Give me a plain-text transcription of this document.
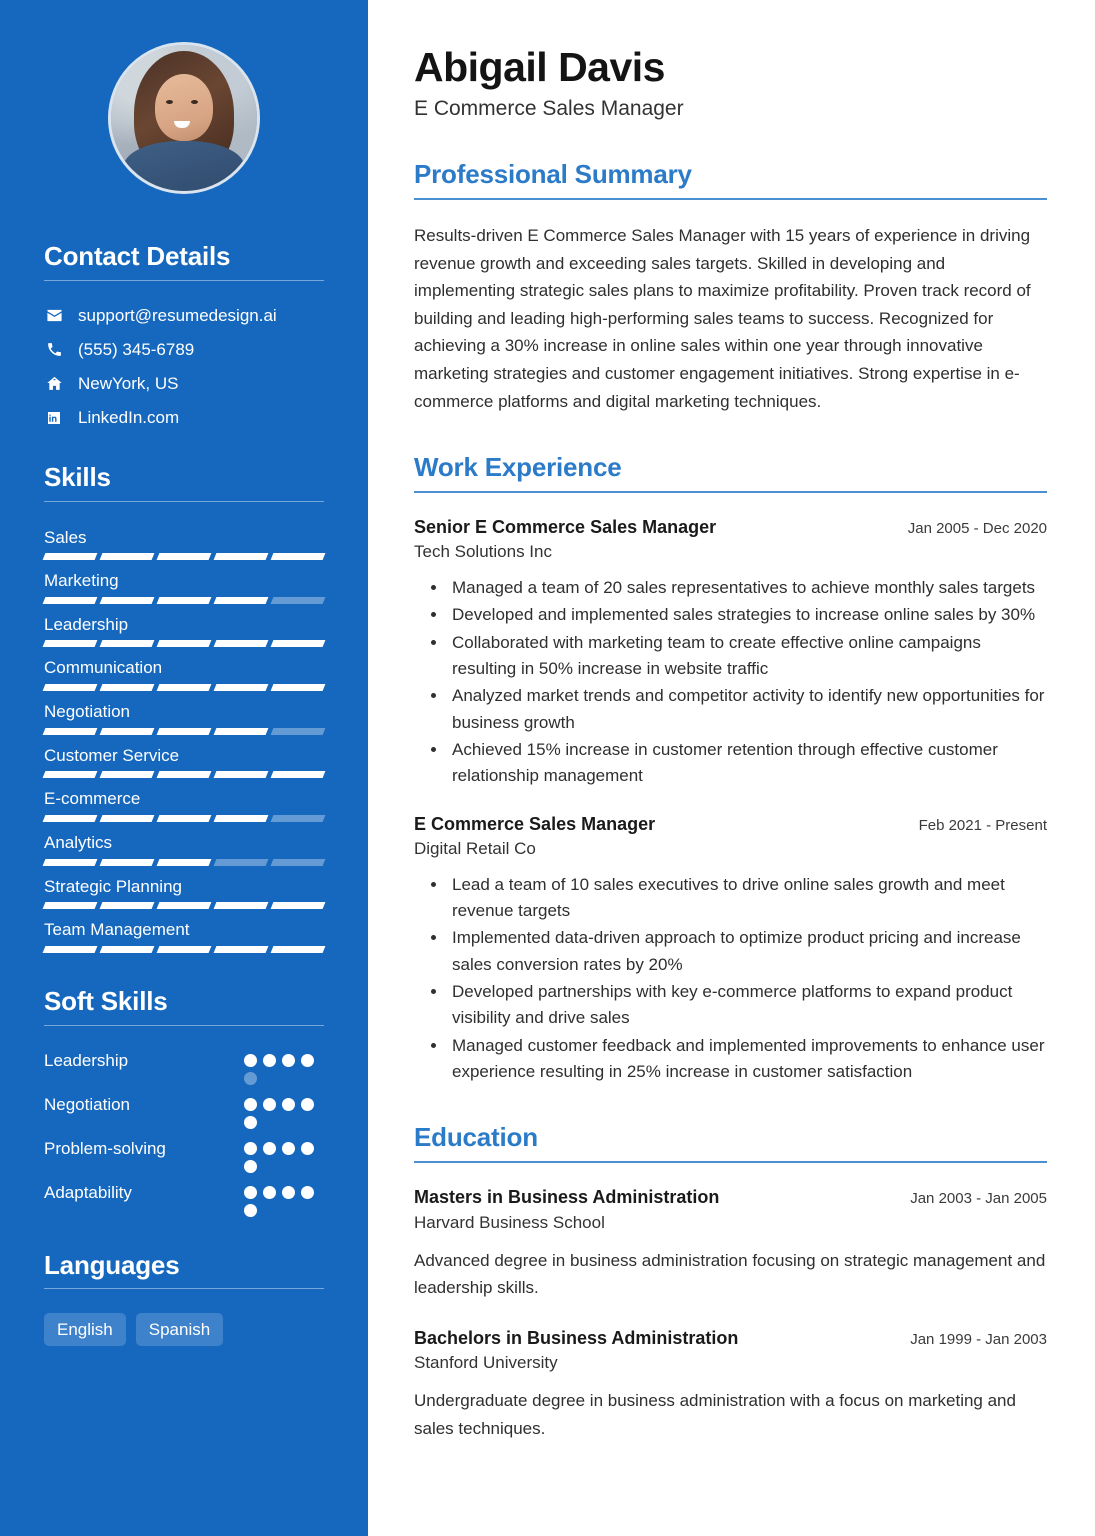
Contact Details
support@resumedesign.ai
(555) 345-6789
NewYork, US
LinkedIn.com
Skills
Sales
Marketing
Leadership
Communication
Negotiation
Customer Service
E-commerce
Analytics
Strategic Planning
Team Management
Soft Skills
Leadership
Negotiation
Problem-solving
Adaptability
Languages
English	Spanish
Abigail Davis
E Commerce Sales Manager
Professional Summary

Results-driven E Commerce Sales Manager with 15 years of experience in driving revenue growth and exceeding sales targets. Skilled in developing and implementing strategic sales plans to maximize profitability. Proven track record of building and leading high-performing sales teams to success. Recognized for achieving a 30% increase in online sales within one year through innovative marketing strategies and customer engagement initiatives. Strong expertise in e-commerce platforms and digital marketing techniques.

Work Experience
Senior E Commerce Sales Manager	Jan 2005 - Dec 2020
Tech Solutions Inc
• Managed a team of 20 sales representatives to achieve monthly sales targets
• Developed and implemented sales strategies to increase online sales by 30%
• Collaborated with marketing team to create effective online campaigns resulting in 50% increase in website traffic
• Analyzed market trends and competitor activity to identify new opportunities for business growth
• Achieved 15% increase in customer retention through effective customer relationship management
E Commerce Sales Manager	Feb 2021 - Present
Digital Retail Co
• Lead a team of 10 sales executives to drive online sales growth and meet revenue targets
• Implemented data-driven approach to optimize product pricing and increase sales conversion rates by 20%
• Developed partnerships with key e-commerce platforms to expand product visibility and drive sales
• Managed customer feedback and implemented improvements to enhance user experience resulting in 25% increase in customer satisfaction
Education
Masters in Business Administration	Jan 2003 - Jan 2005
Harvard Business School
Advanced degree in business administration focusing on strategic management and leadership skills.
Bachelors in Business Administration	Jan 1999 - Jan 2003
Stanford University
Undergraduate degree in business administration with a focus on marketing and sales techniques.
